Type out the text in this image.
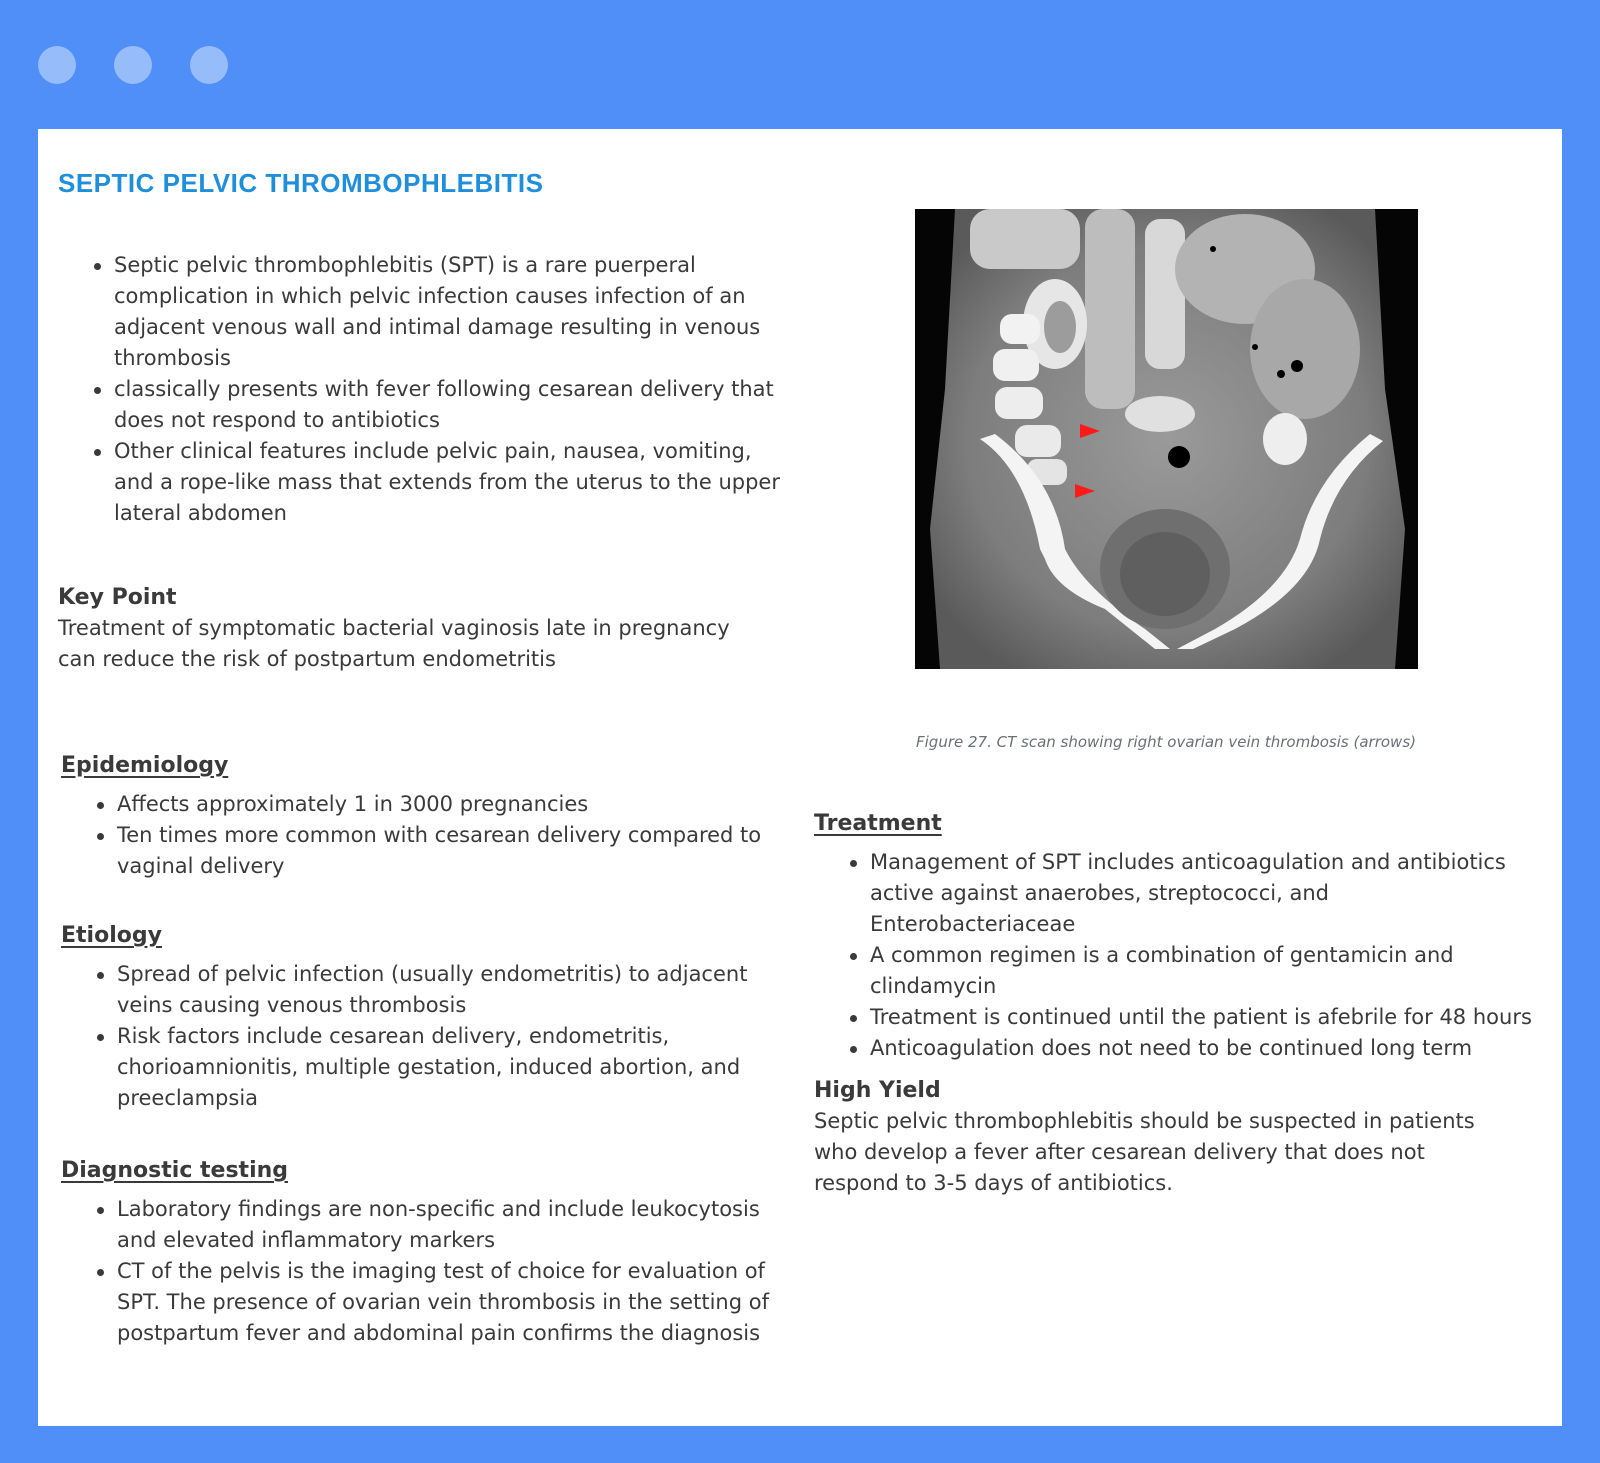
SEPTIC PELVIC THROMBOPHLEBITIS
Septic pelvic thrombophlebitis (SPT) is a rare puerperal complication in which pelvic infection causes infection of an adjacent venous wall and intimal damage resulting in venous thrombosis
classically presents with fever following cesarean delivery that does not respond to antibiotics
Other clinical features include pelvic pain, nausea, vomiting, and a rope-like mass that extends from the uterus to the upper lateral abdomen
Key Point
Treatment of symptomatic bacterial vaginosis late in pregnancy can reduce the risk of postpartum endometritis
Epidemiology
Affects approximately 1 in 3000 pregnancies
Ten times more common with cesarean delivery compared to vaginal delivery
Etiology
Spread of pelvic infection (usually endometritis) to adjacent veins causing venous thrombosis
Risk factors include cesarean delivery, endometritis, chorioamnionitis, multiple gestation, induced abortion, and preeclampsia
Diagnostic testing
Laboratory findings are non-specific and include leukocytosis and elevated inflammatory markers
CT of the pelvis is the imaging test of choice for evaluation of SPT. The presence of ovarian vein thrombosis in the setting of postpartum fever and abdominal pain confirms the diagnosis
Figure 27. CT scan showing right ovarian vein thrombosis (arrows)
Treatment
Management of SPT includes anticoagulation and antibiotics active against anaerobes, streptococci, and Enterobacteriaceae
A common regimen is a combination of gentamicin and clindamycin
Treatment is continued until the patient is afebrile for 48 hours
Anticoagulation does not need to be continued long term
High Yield
Septic pelvic thrombophlebitis should be suspected in patients who develop a fever after cesarean delivery that does not respond to 3-5 days of antibiotics.
